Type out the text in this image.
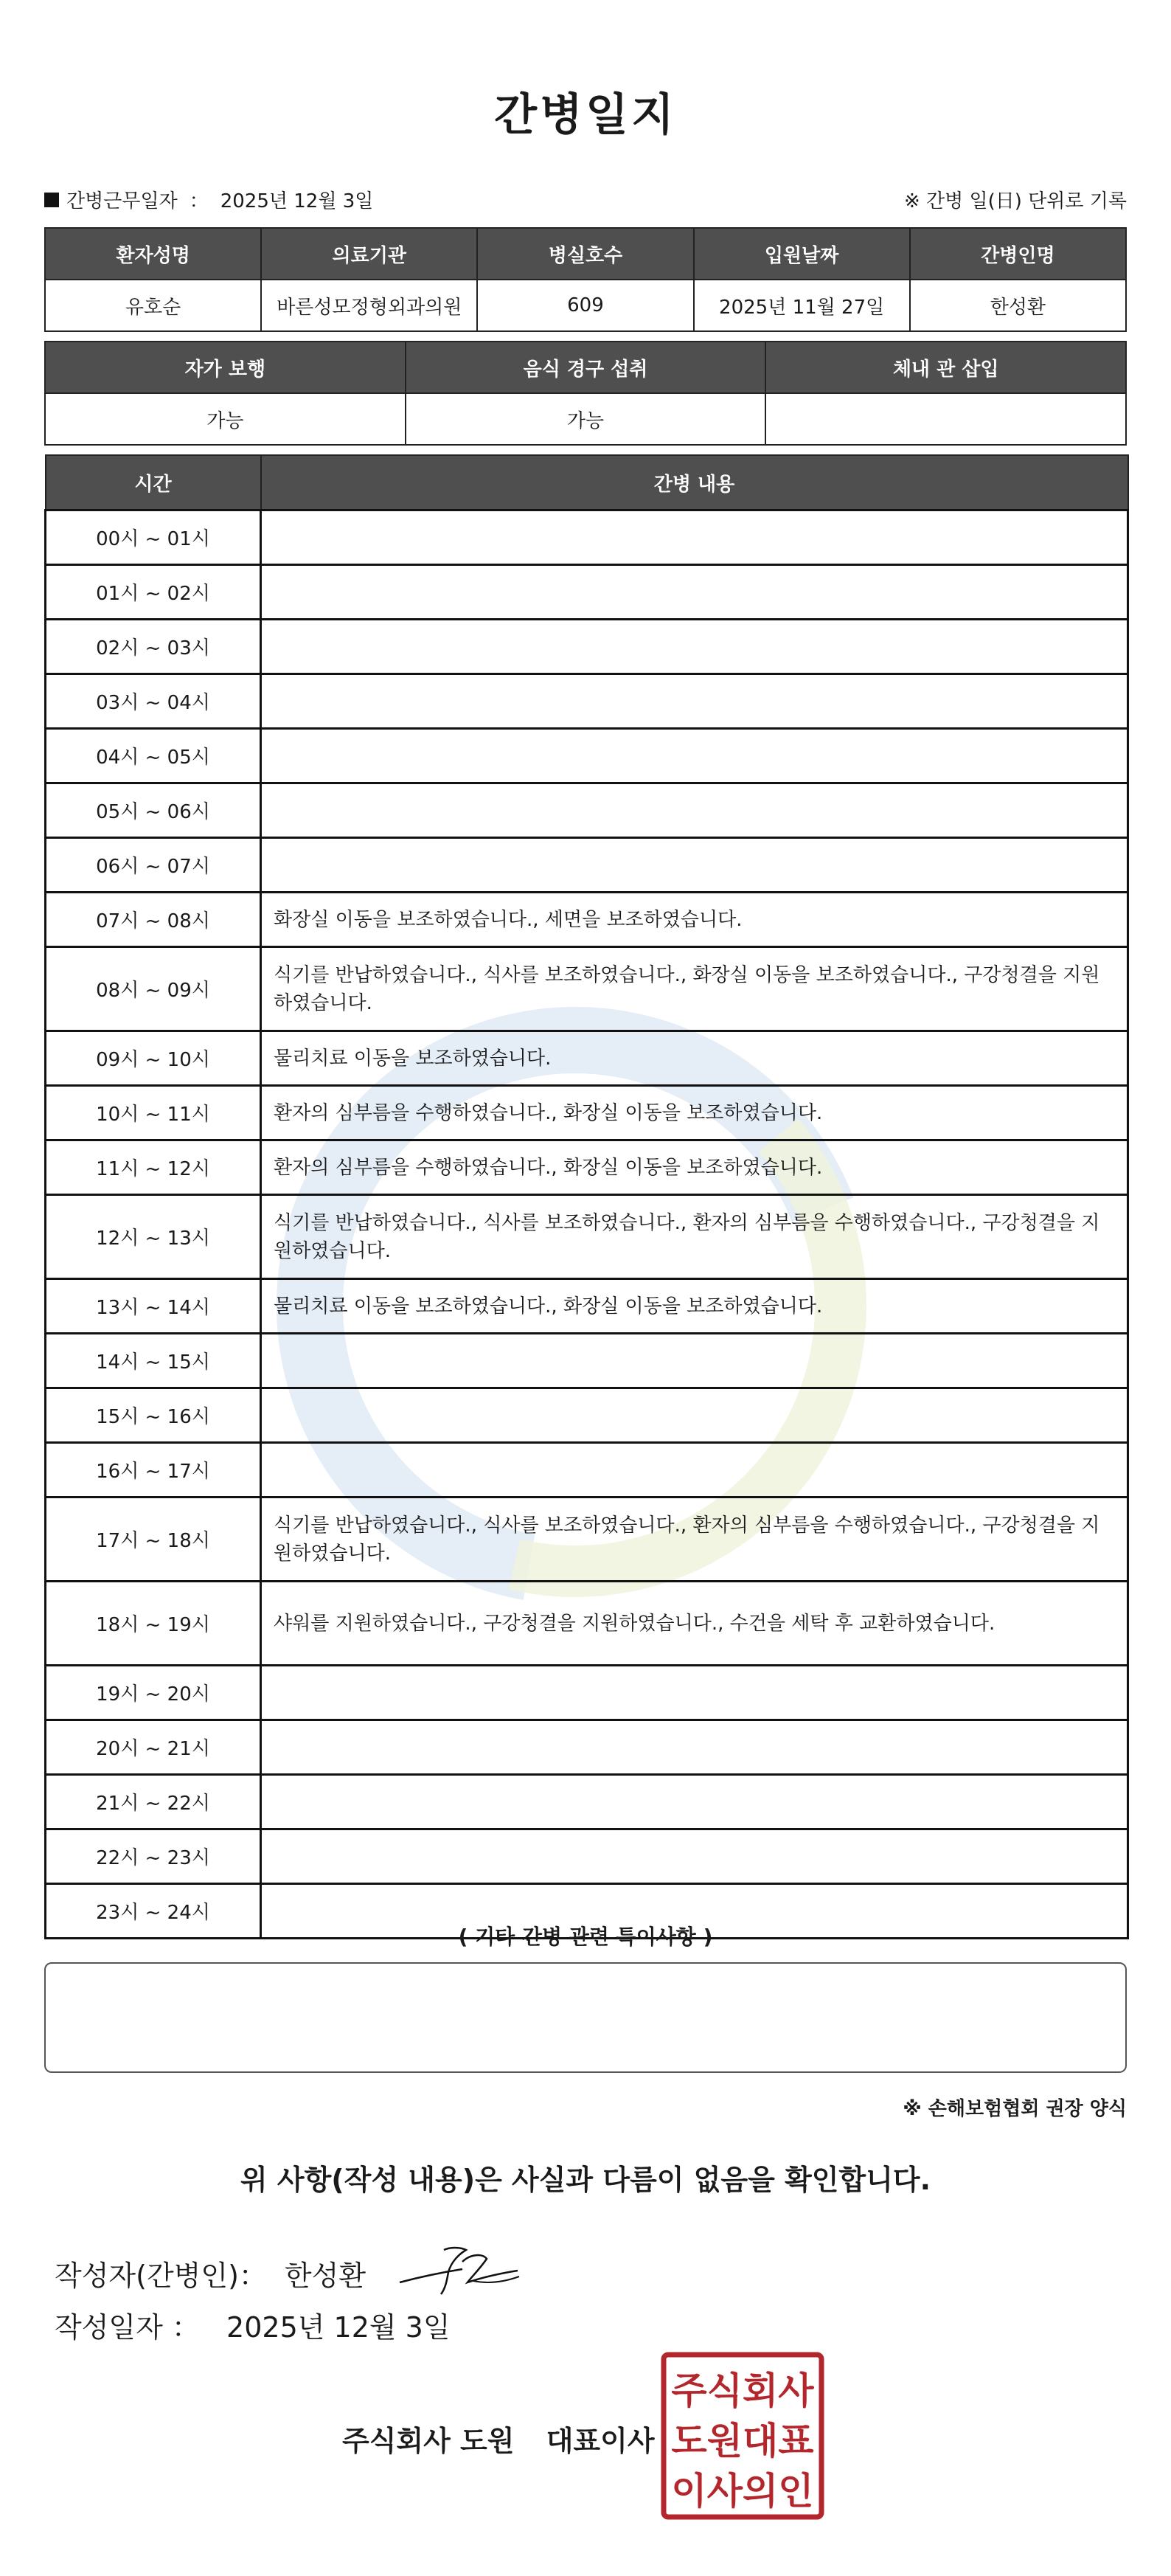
간병일지
간병근무일자 ： 2025년 12월 3일	※ 간병 일(日) 단위로 기록
환자성명	의료기관	병실호수	입원날짜	간병인명
유호순	바른성모정형외과의원	609	2025년 11월 27일	한성환
자가 보행	음식 경구 섭취	체내 관 삽입
가능	가능	
시간	간병 내용
00시 ~ 01시	
01시 ~ 02시	
02시 ~ 03시	
03시 ~ 04시	
04시 ~ 05시	
05시 ~ 06시	
06시 ~ 07시	
07시 ~ 08시	화장실 이동을 보조하였습니다., 세면을 보조하였습니다.
08시 ~ 09시	식기를 반납하였습니다., 식사를 보조하였습니다., 화장실 이동을 보조하였습니다., 구강청결을 지원하였습니다.
09시 ~ 10시	물리치료 이동을 보조하였습니다.
10시 ~ 11시	환자의 심부름을 수행하였습니다., 화장실 이동을 보조하였습니다.
11시 ~ 12시	환자의 심부름을 수행하였습니다., 화장실 이동을 보조하였습니다.
12시 ~ 13시	식기를 반납하였습니다., 식사를 보조하였습니다., 환자의 심부름을 수행하였습니다., 구강청결을 지원하였습니다.
13시 ~ 14시	물리치료 이동을 보조하였습니다., 화장실 이동을 보조하였습니다.
14시 ~ 15시	
15시 ~ 16시	
16시 ~ 17시	
17시 ~ 18시	식기를 반납하였습니다., 식사를 보조하였습니다., 환자의 심부름을 수행하였습니다., 구강청결을 지원하였습니다.
18시 ~ 19시	샤워를 지원하였습니다., 구강청결을 지원하였습니다., 수건을 세탁 후 교환하였습니다.
19시 ~ 20시	
20시 ~ 21시	
21시 ~ 22시	
22시 ~ 23시	
23시 ~ 24시	
( 기타 간병 관련 특이사항 )
※ 손해보험협회 권장 양식
위 사항(작성 내용)은 사실과 다름이 없음을 확인합니다.
작성자(간병인) ： 한성환
작성일자 ： 2025년 12월 3일
주식회사 도원 대표이사
주식회사
도원대표
이사의인
